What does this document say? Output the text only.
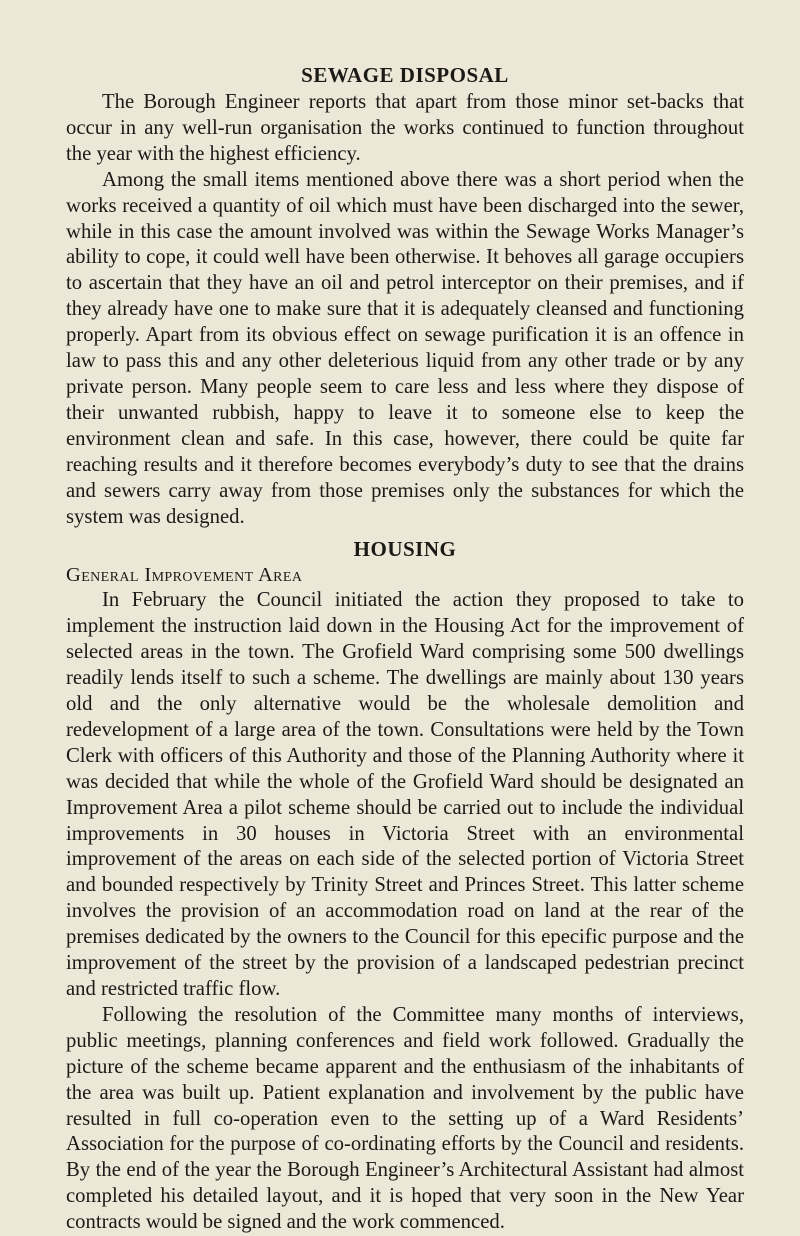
SEWAGE DISPOSAL

The Borough Engineer reports that apart from those minor set-backs that occur in any well-run organisation the works continued to function throughout the year with the highest efficiency.

Among the small items mentioned above there was a short period when the works received a quantity of oil which must have been discharged into the sewer, while in this case the amount involved was within the Sewage Works Manager’s ability to cope, it could well have been otherwise. It behoves all garage occupiers to ascertain that they have an oil and petrol interceptor on their premises, and if they already have one to make sure that it is adequately cleansed and functioning properly. Apart from its obvious effect on sewage purification it is an offence in law to pass this and any other deleterious liquid from any other trade or by any private person. Many people seem to care less and less where they dispose of their unwanted rubbish, happy to leave it to someone else to keep the environment clean and safe. In this case, however, there could be quite far reaching results and it therefore becomes everybody’s duty to see that the drains and sewers carry away from those premises only the substances for which the system was designed.

HOUSING
General Improvement Area

In February the Council initiated the action they proposed to take to implement the instruction laid down in the Housing Act for the improvement of selected areas in the town. The Grofield Ward comprising some 500 dwellings readily lends itself to such a scheme. The dwellings are mainly about 130 years old and the only alternative would be the wholesale demolition and redevelopment of a large area of the town. Consultations were held by the Town Clerk with officers of this Authority and those of the Planning Authority where it was decided that while the whole of the Grofield Ward should be designated an Improvement Area a pilot scheme should be carried out to include the individual improvements in 30 houses in Victoria Street with an environmental improvement of the areas on each side of the selected portion of Victoria Street and bounded respectively by Trinity Street and Princes Street. This latter scheme involves the provision of an accommodation road on land at the rear of the premises dedicated by the owners to the Council for this epecific purpose and the improvement of the street by the provision of a landscaped pedestrian precinct and restricted traffic flow.

Following the resolution of the Committee many months of interviews, public meetings, planning conferences and field work followed. Gradually the picture of the scheme became apparent and the enthusiasm of the inhabitants of the area was built up. Patient explanation and involvement by the public have resulted in full co-operation even to the setting up of a Ward Residents’ Association for the purpose of co-ordinating efforts by the Council and residents. By the end of the year the Borough Engineer’s Architectural Assistant had almost completed his detailed layout, and it is hoped that very soon in the New Year contracts would be signed and the work commenced.
